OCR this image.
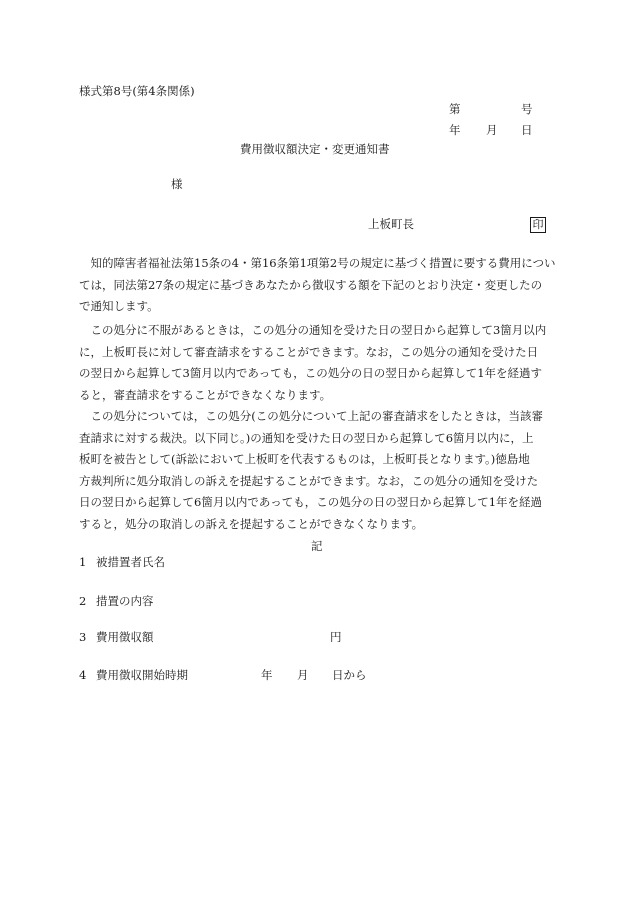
様式第8号(第4条関係)
第	号
年 月 日
費用徴収額決定・変更通知書
様
上板町長	印
　知的障害者福祉法第15条の4・第16条第1項第2号の規定に基づく措置に要する費用につい
ては，同法第27条の規定に基づきあなたから徴収する額を下記のとおり決定・変更したの
で通知します。
　この処分に不服があるときは，この処分の通知を受けた日の翌日から起算して3箇月以内
に，上板町長に対して審査請求をすることができます。なお，この処分の通知を受けた日
の翌日から起算して3箇月以内であっても，この処分の日の翌日から起算して1年を経過す
ると，審査請求をすることができなくなります。
　この処分については，この処分(この処分について上記の審査請求をしたときは，当該審
査請求に対する裁決。以下同じ。)の通知を受けた日の翌日から起算して6箇月以内に，上
板町を被告として(訴訟において上板町を代表するものは，上板町長となります。)徳島地
方裁判所に処分取消しの訴えを提起することができます。なお，この処分の通知を受けた
日の翌日から起算して6箇月以内であっても，この処分の日の翌日から起算して1年を経過
すると，処分の取消しの訴えを提起することができなくなります。
記
1 被措置者氏名
2 措置の内容
3 費用徴収額	円
4 費用徴収開始時期	年 月 日から
